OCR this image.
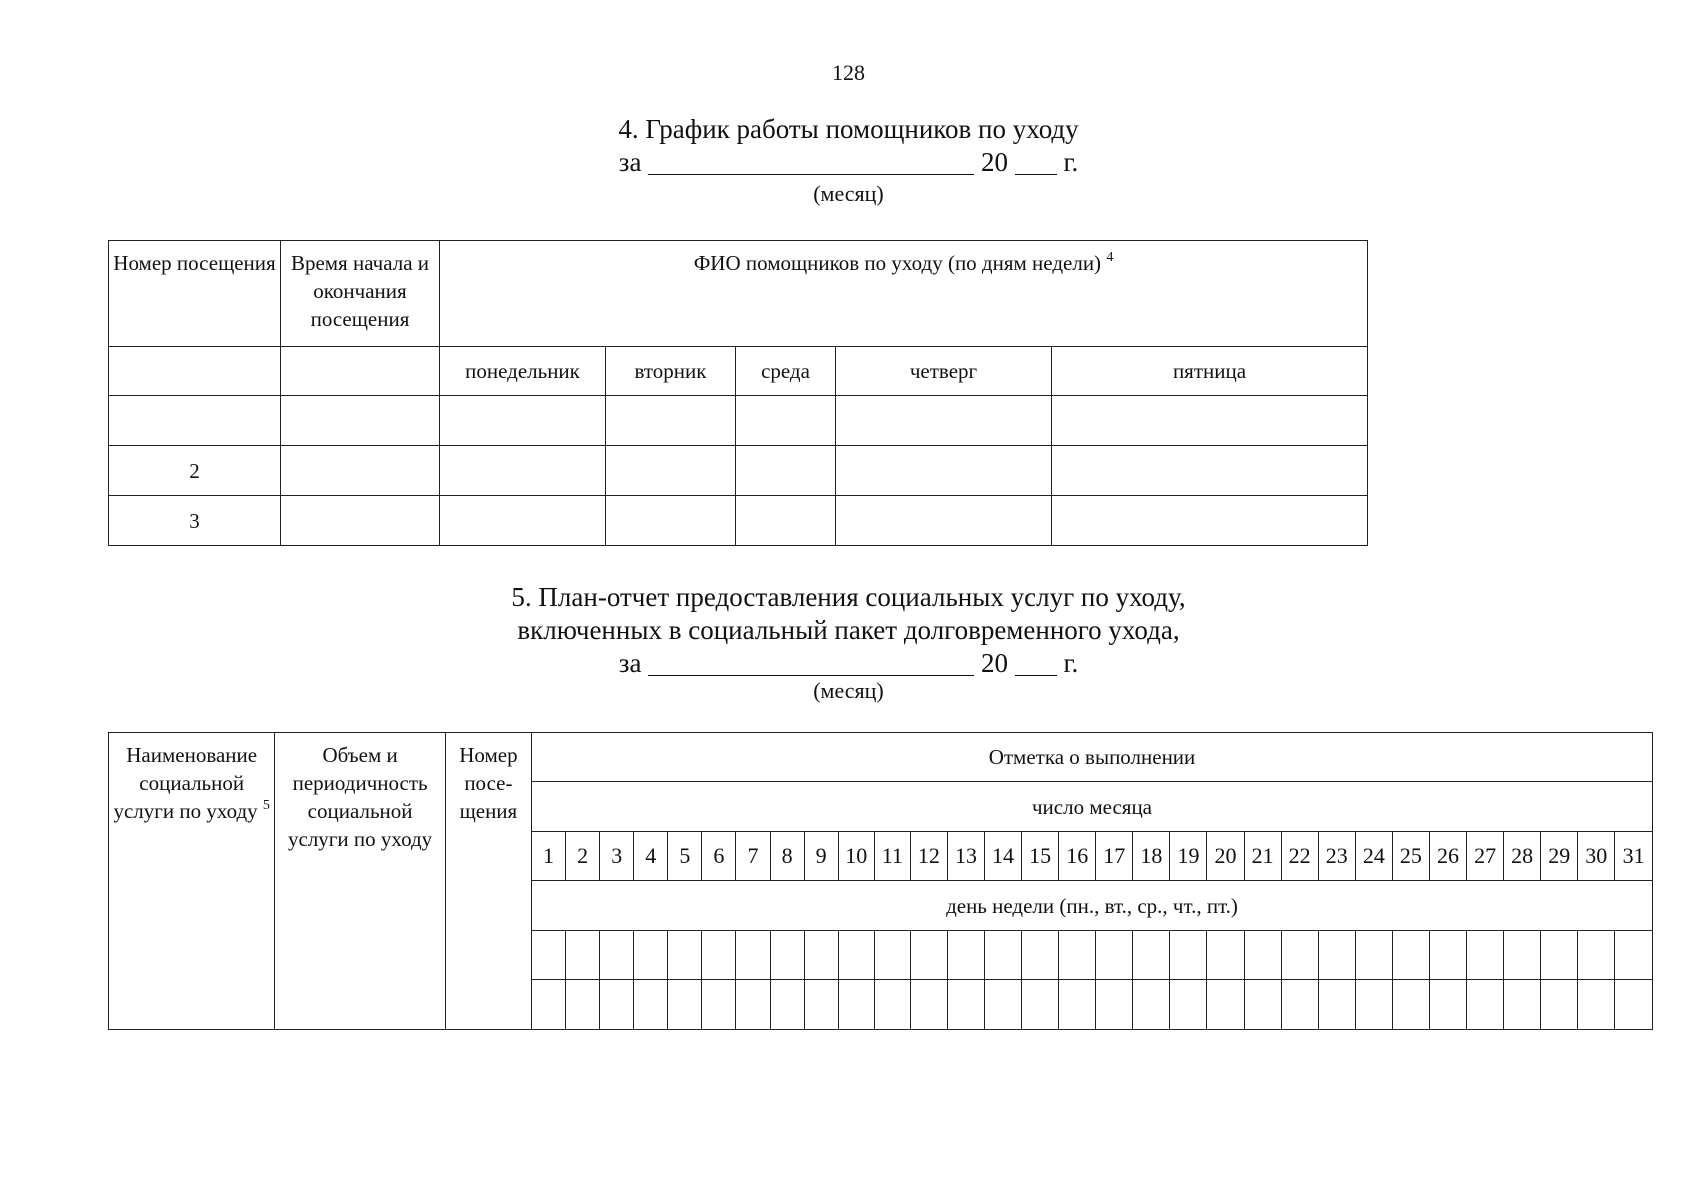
128
4. График работы помощников по уходу
за	20 г.
(месяц)
Номер посещения	Время начала и окончания посещения	ФИО помощников по уходу (по дням недели) $^4$
		понедельник	вторник	среда	четверг	пятница

2						
3						
5. План-отчет предоставления социальных услуг по уходу,
включенных в социальный пакет долговременного ухода,
за	20 г.
(месяц)
Наименование социальной услуги по уходу $^5$	Объем и периодичность социальной услуги по уходу	Номер посе- щения	Отметка о выполнении																														
			число месяца																														
			1	2	3	4	5	6	7	8	9	10	11	12	13	14	15	16	17	18	19	20	21	22	23	24	25	26	27	28	29	30	31
			день недели (пн., вт., ср., чт., пт.)																														
